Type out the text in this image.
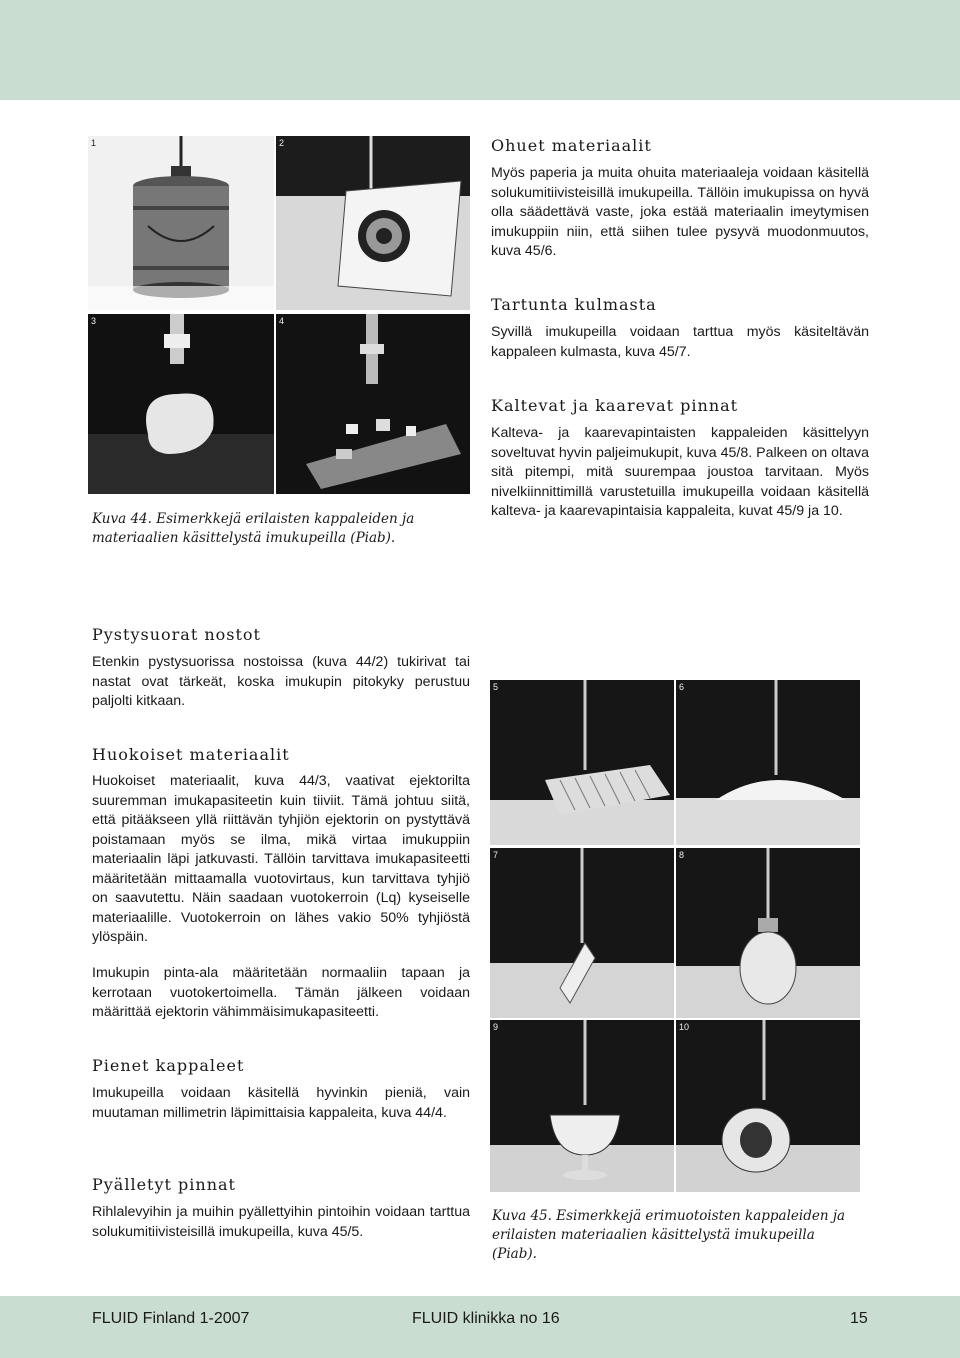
1	2
3	4

Kuva 44. Esimerkkejä erilaisten kappaleiden ja materiaalien käsittelystä imukupeilla (Piab).

Ohuet materiaalit

Myös paperia ja muita ohuita materiaaleja voidaan käsitellä solukumitiivisteisillä imukupeilla. Tällöin imukupissa on hyvä olla säädettävä vaste, joka estää materiaalin imeytymisen imukuppiin niin, että siihen tulee pysyvä muodonmuutos, kuva 45/6.

Tartunta kulmasta

Syvillä imukupeilla voidaan tarttua myös käsiteltävän kappaleen kulmasta, kuva 45/7.

Kaltevat ja kaarevat pinnat

Kalteva- ja kaarevapintaisten kappaleiden käsittelyyn soveltuvat hyvin paljeimukupit, kuva 45/8. Palkeen on oltava sitä pitempi, mitä suurempaa joustoa tarvitaan. Myös nivelkiinnittimillä varustetuilla imukupeilla voidaan käsitellä kalteva- ja kaarevapintaisia kappaleita, kuvat 45/9 ja 10.

Pystysuorat nostot

Etenkin pystysuorissa nostoissa (kuva 44/2) tukirivat tai nastat ovat tärkeät, koska imukupin pitokyky perustuu paljolti kitkaan.

Huokoiset materiaalit

Huokoiset materiaalit, kuva 44/3, vaativat ejektorilta suuremman imukapasiteetin kuin tiiviit. Tämä johtuu siitä, että pitääkseen yllä riittävän tyhjiön ejektorin on pystyttävä poistamaan myös se ilma, mikä virtaa imukuppiin materiaalin läpi jatkuvasti. Tällöin tarvittava imukapasiteetti määritetään mittaamalla vuotovirtaus, kun tarvittava tyhjiö on saavutettu. Näin saadaan vuotokerroin (Lq) kyseiselle materiaalille. Vuotokerroin on lähes vakio 50% tyhjiöstä ylöspäin.

Imukupin pinta-ala määritetään normaaliin tapaan ja kerrotaan vuotokertoimella. Tämän jälkeen voidaan määrittää ejektorin vähimmäisimukapasiteetti.

Pienet kappaleet

Imukupeilla voidaan käsitellä hyvinkin pieniä, vain muutaman millimetrin läpimittaisia kappaleita, kuva 44/4.

Pyälletyt pinnat

Rihlalevyihin ja muihin pyällettyihin pintoihin voidaan tarttua solukumitiivisteisillä imukupeilla, kuva 45/5.

5	6
7	8
9	10

Kuva 45. Esimerkkejä erimuotoisten kappaleiden ja erilaisten materiaalien käsittelystä imukupeilla (Piab).

FLUID Finland 1-2007	FLUID klinikka no 16	15
